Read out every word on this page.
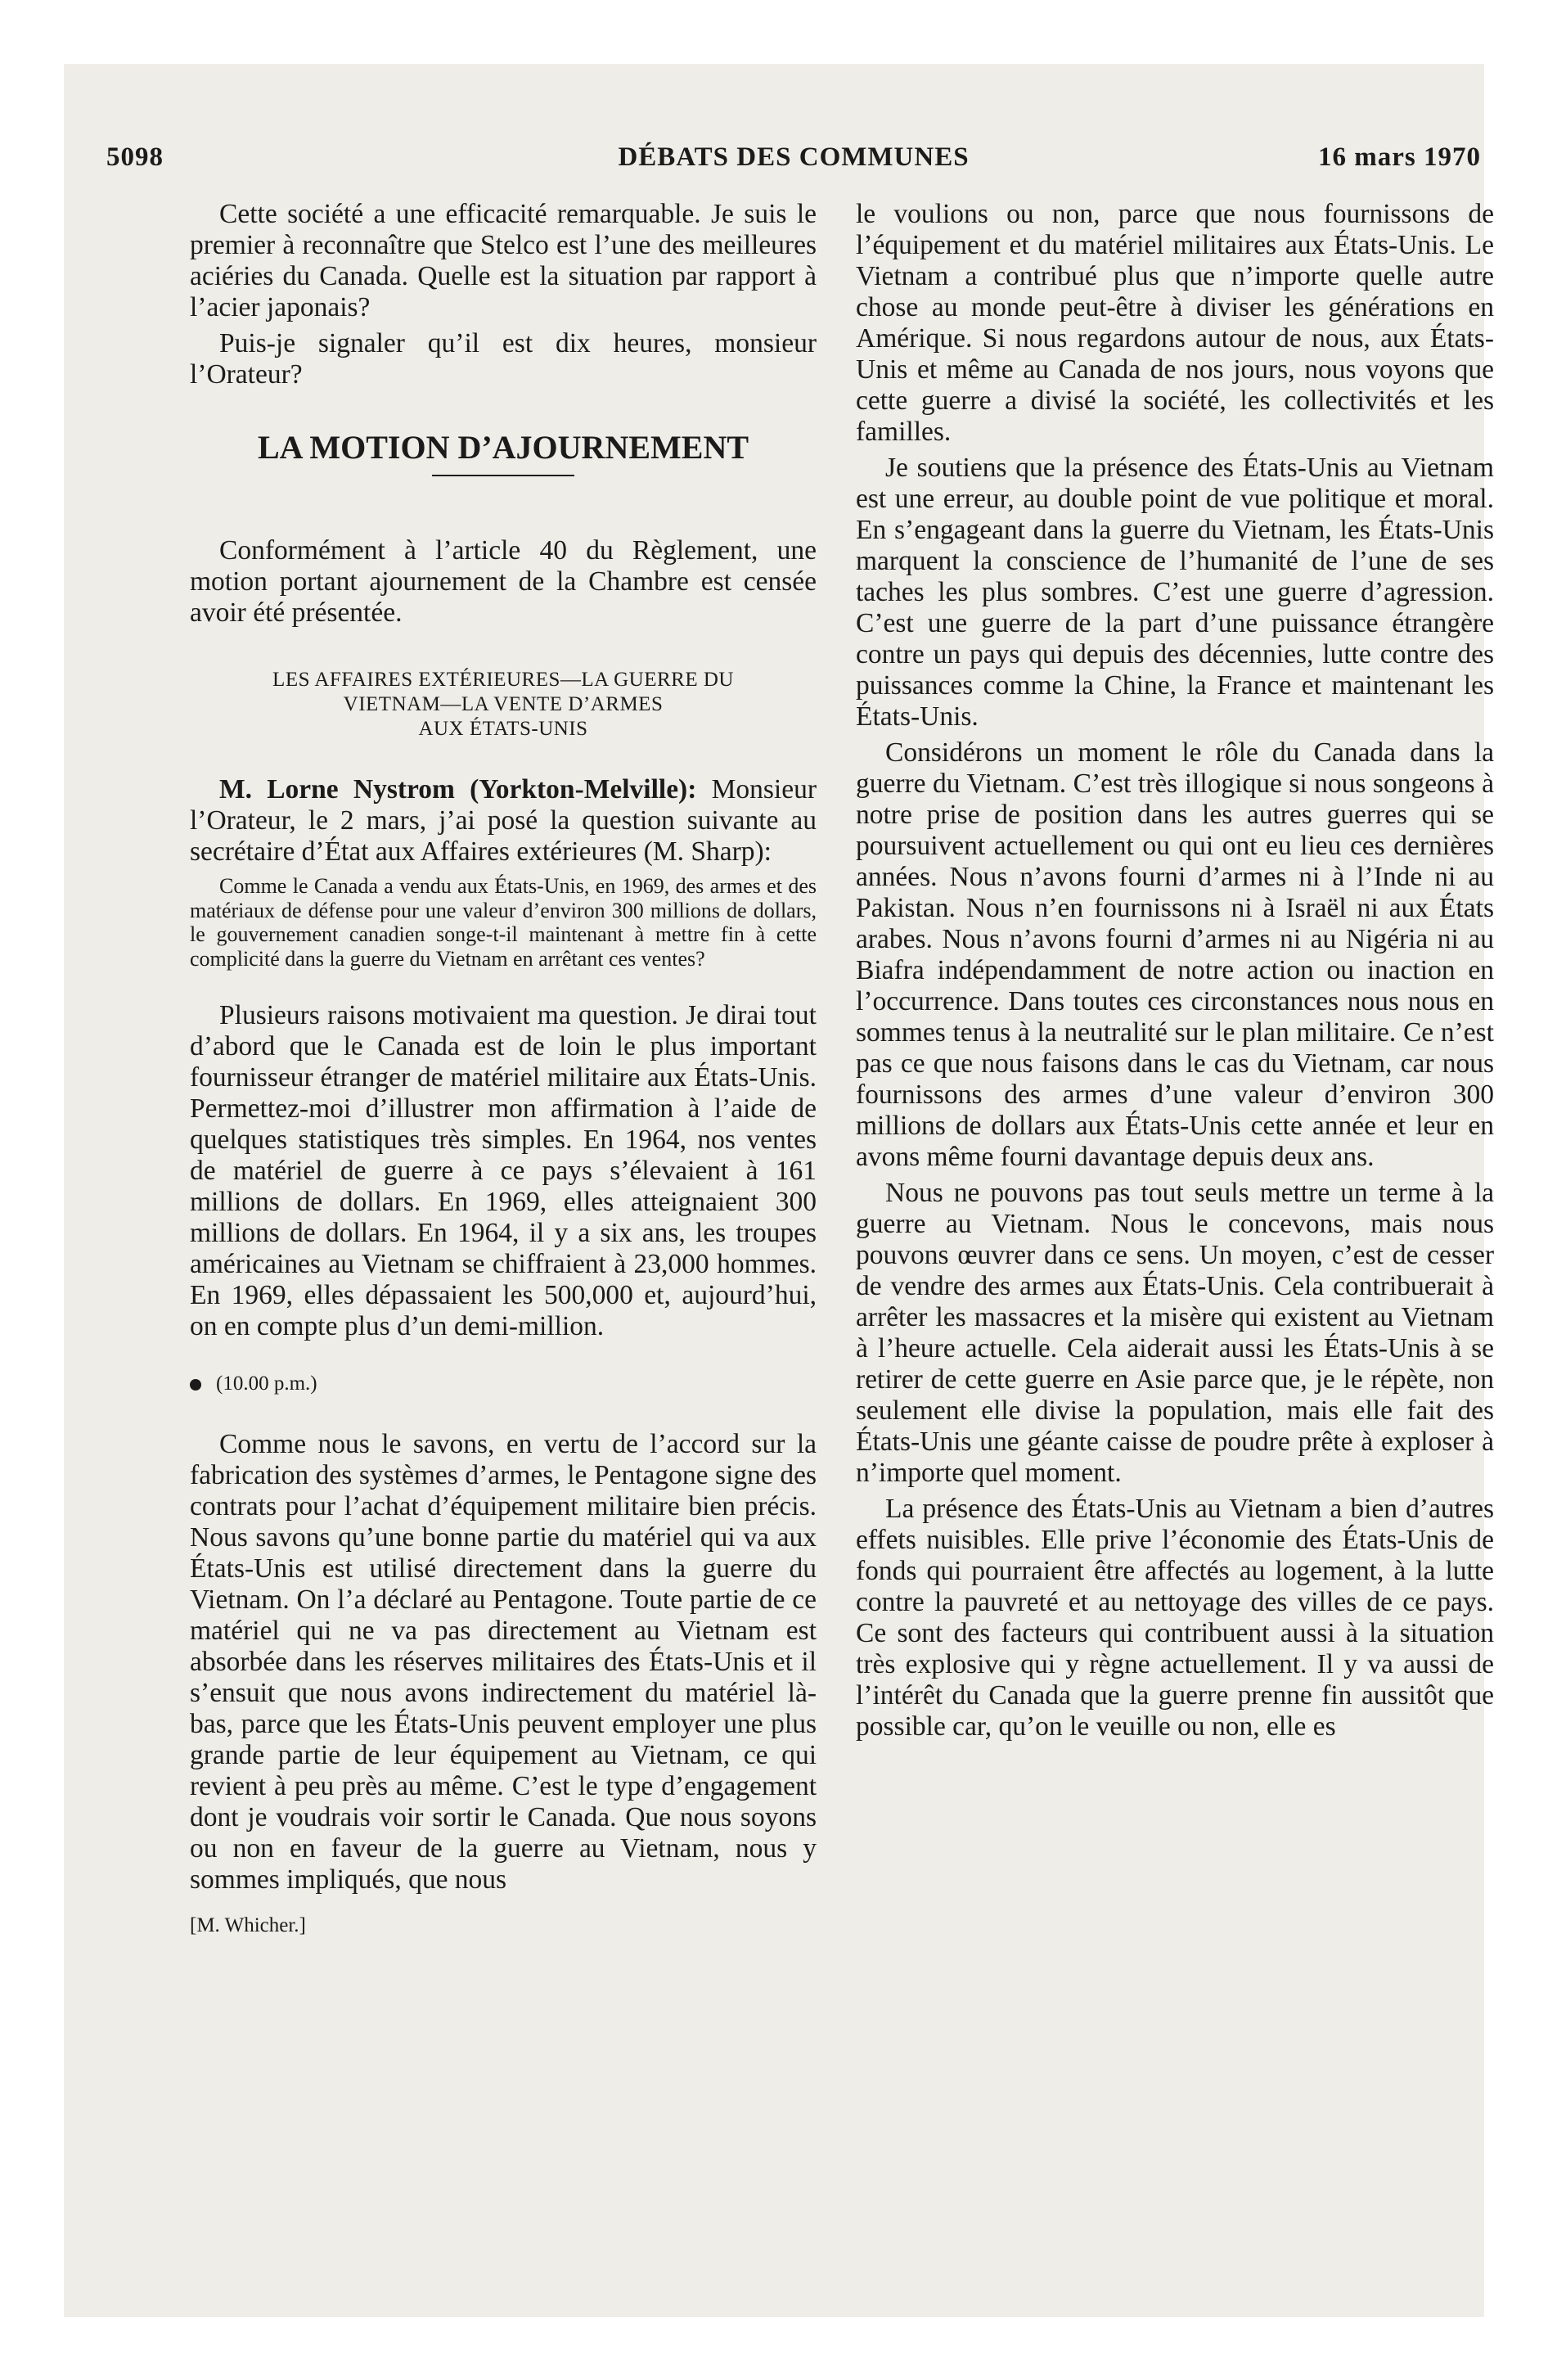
5098	DÉBATS DES COMMUNES	16 mars 1970

Cette société a une efficacité remarquable. Je suis le premier à reconnaître que Stelco est l’une des meilleures aciéries du Canada. Quelle est la situation par rapport à l’acier japonais?

Puis-je signaler qu’il est dix heures, monsieur l’Orateur?

LA MOTION D’AJOURNEMENT

Conformément à l’article 40 du Règlement, une motion portant ajournement de la Chambre est censée avoir été présentée.

LES AFFAIRES EXTÉRIEURES—LA GUERRE DU
VIETNAM—LA VENTE D’ARMES
AUX ÉTATS-UNIS

M. Lorne Nystrom (Yorkton-Melville): Monsieur l’Orateur, le 2 mars, j’ai posé la question suivante au secrétaire d’État aux Affaires extérieures (M. Sharp):

Comme le Canada a vendu aux États-Unis, en 1969, des armes et des matériaux de défense pour une valeur d’environ 300 millions de dollars, le gouvernement canadien songe-t-il maintenant à mettre fin à cette complicité dans la guerre du Vietnam en arrêtant ces ventes?

Plusieurs raisons motivaient ma question. Je dirai tout d’abord que le Canada est de loin le plus important fournisseur étranger de matériel militaire aux États-Unis. Permettez-moi d’illustrer mon affirmation à l’aide de quelques statistiques très simples. En 1964, nos ventes de matériel de guerre à ce pays s’élevaient à 161 millions de dollars. En 1969, elles atteignaient 300 millions de dollars. En 1964, il y a six ans, les troupes américaines au Vietnam se chiffraient à 23,000 hommes. En 1969, elles dépassaient les 500,000 et, aujourd’hui, on en compte plus d’un demi-million.

(10.00 p.m.)

Comme nous le savons, en vertu de l’accord sur la fabrication des systèmes d’armes, le Pentagone signe des contrats pour l’achat d’équipement militaire bien précis. Nous savons qu’une bonne partie du matériel qui va aux États-Unis est utilisé directement dans la guerre du Vietnam. On l’a déclaré au Pentagone. Toute partie de ce matériel qui ne va pas directement au Vietnam est absorbée dans les réserves militaires des États-Unis et il s’ensuit que nous avons indirectement du matériel là-bas, parce que les États-Unis peuvent employer une plus grande partie de leur équipement au Vietnam, ce qui revient à peu près au même. C’est le type d’engagement dont je voudrais voir sortir le Canada. Que nous soyons ou non en faveur de la guerre au Vietnam, nous y sommes impliqués, que nous

[M. Whicher.]

le voulions ou non, parce que nous fournissons de l’équipement et du matériel militaires aux États-Unis. Le Vietnam a contribué plus que n’importe quelle autre chose au monde peut-être à diviser les générations en Amérique. Si nous regardons autour de nous, aux États-Unis et même au Canada de nos jours, nous voyons que cette guerre a divisé la société, les collectivités et les familles.

Je soutiens que la présence des États-Unis au Vietnam est une erreur, au double point de vue politique et moral. En s’engageant dans la guerre du Vietnam, les États-Unis marquent la conscience de l’humanité de l’une de ses taches les plus sombres. C’est une guerre d’agression. C’est une guerre de la part d’une puissance étrangère contre un pays qui depuis des décennies, lutte contre des puissances comme la Chine, la France et maintenant les États-Unis.

Considérons un moment le rôle du Canada dans la guerre du Vietnam. C’est très illogique si nous songeons à notre prise de position dans les autres guerres qui se poursuivent actuellement ou qui ont eu lieu ces dernières années. Nous n’avons fourni d’armes ni à l’Inde ni au Pakistan. Nous n’en fournissons ni à Israël ni aux États arabes. Nous n’avons fourni d’armes ni au Nigéria ni au Biafra indépendamment de notre action ou inaction en l’occurrence. Dans toutes ces circonstances nous nous en sommes tenus à la neutralité sur le plan militaire. Ce n’est pas ce que nous faisons dans le cas du Vietnam, car nous fournissons des armes d’une valeur d’environ 300 millions de dollars aux États-Unis cette année et leur en avons même fourni davantage depuis deux ans.

Nous ne pouvons pas tout seuls mettre un terme à la guerre au Vietnam. Nous le concevons, mais nous pouvons œuvrer dans ce sens. Un moyen, c’est de cesser de vendre des armes aux États-Unis. Cela contribuerait à arrêter les massacres et la misère qui existent au Vietnam à l’heure actuelle. Cela aiderait aussi les États-Unis à se retirer de cette guerre en Asie parce que, je le répète, non seulement elle divise la population, mais elle fait des États-Unis une géante caisse de poudre prête à exploser à n’importe quel moment.

La présence des États-Unis au Vietnam a bien d’autres effets nuisibles. Elle prive l’économie des États-Unis de fonds qui pourraient être affectés au logement, à la lutte contre la pauvreté et au nettoyage des villes de ce pays. Ce sont des facteurs qui contribuent aussi à la situation très explosive qui y règne actuellement. Il y va aussi de l’intérêt du Canada que la guerre prenne fin aussitôt que possible car, qu’on le veuille ou non, elle es
